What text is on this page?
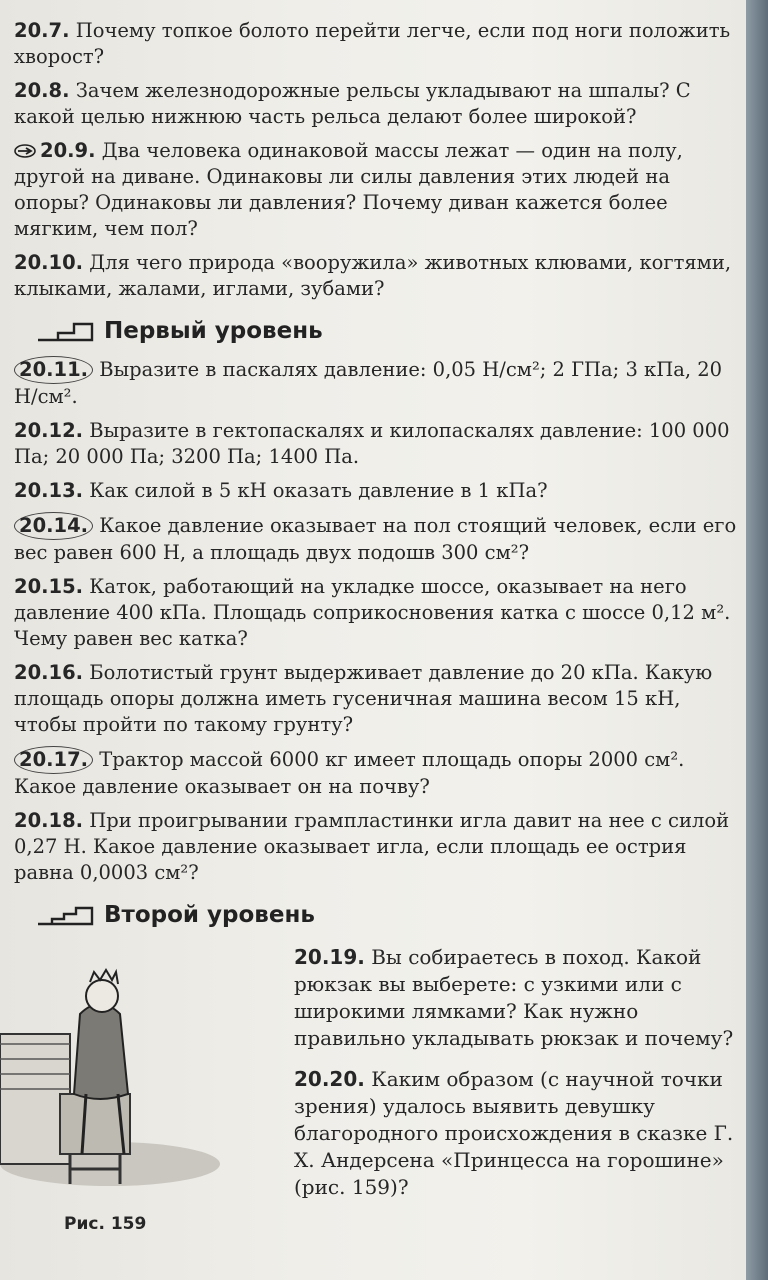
20.7. Почему топкое болото перейти легче, если под ноги положить хворост?
20.8. Зачем железнодорожные рельсы укладывают на шпалы? С какой целью нижнюю часть рельса делают более широкой?
20.9. Два человека одинаковой массы лежат — один на полу, другой на диване. Одинаковы ли силы давления этих людей на опоры? Одинаковы ли давления? Почему диван кажется более мягким, чем пол?
20.10. Для чего природа «вооружила» животных клювами, когтями, клыками, жалами, иглами, зубами?
Первый уровень
20.11. Выразите в паскалях давление: 0,05 Н/см²; 2 ГПа; 3 кПа, 20 Н/см².
20.12. Выразите в гектопаскалях и килопаскалях давление: 100 000 Па; 20 000 Па; 3200 Па; 1400 Па.
20.13. Как силой в 5 кН оказать давление в 1 кПа?
20.14. Какое давление оказывает на пол стоящий человек, если его вес равен 600 Н, а площадь двух подошв 300 см²?
20.15. Каток, работающий на укладке шоссе, оказывает на него давление 400 кПа. Площадь соприкосновения катка с шоссе 0,12 м². Чему равен вес катка?
20.16. Болотистый грунт выдерживает давление до 20 кПа. Какую площадь опоры должна иметь гусеничная машина весом 15 кН, чтобы пройти по такому грунту?
20.17. Трактор массой 6000 кг имеет площадь опоры 2000 см². Какое давление оказывает он на почву?
20.18. При проигрывании грампластинки игла давит на нее с силой 0,27 Н. Какое давление оказывает игла, если площадь ее острия равна 0,0003 см²?
Второй уровень
Рис. 159
20.19. Вы собираетесь в поход. Какой рюкзак вы выберете: с узкими или с широкими лямками? Как нужно правильно укладывать рюкзак и почему?
20.20. Каким образом (с научной точки зрения) удалось выявить девушку благородного происхождения в сказке Г. Х. Андерсена «Принцесса на горошине» (рис. 159)?
